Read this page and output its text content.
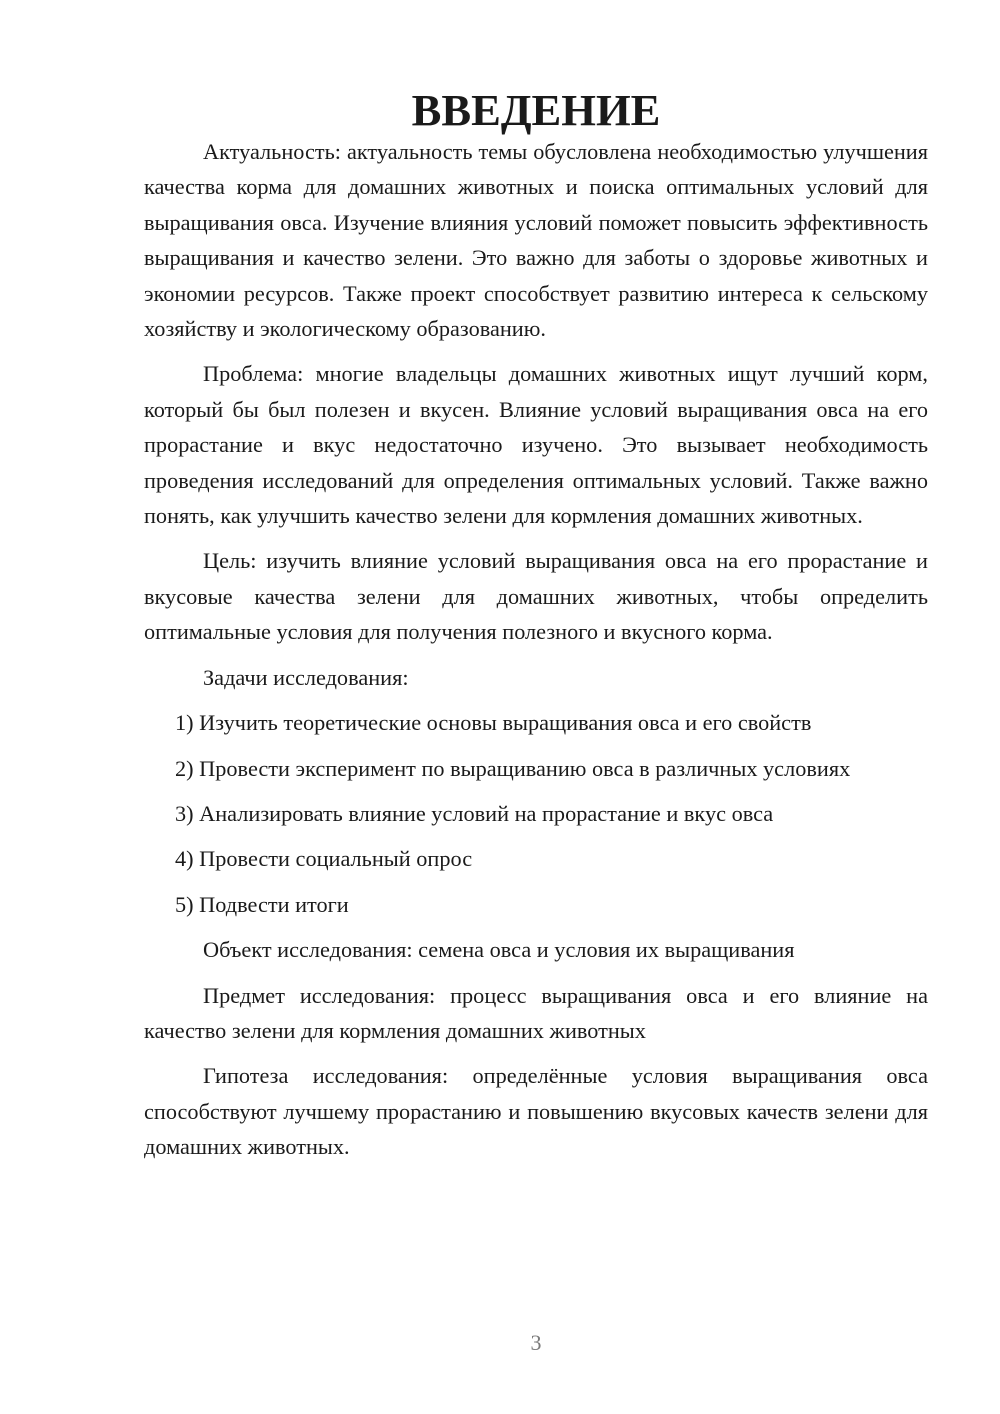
ВВЕДЕНИЕ

Актуальность: актуальность темы обусловлена необходимостью улучшения качества корма для домашних животных и поиска оптимальных условий для выращивания овса. Изучение влияния условий поможет повысить эффективность выращивания и качество зелени. Это важно для заботы о здоровье животных и экономии ресурсов. Также проект способствует развитию интереса к сельскому хозяйству и экологическому образованию.

Проблема: многие владельцы домашних животных ищут лучший корм, который бы был полезен и вкусен. Влияние условий выращивания овса на его прорастание и вкус недостаточно изучено. Это вызывает необходимость проведения исследований для определения оптимальных условий. Также важно понять, как улучшить качество зелени для кормления домашних животных.

Цель: изучить влияние условий выращивания овса на его прорастание и вкусовые качества зелени для домашних животных, чтобы определить оптимальные условия для получения полезного и вкусного корма.

Задачи исследования:

1) Изучить теоретические основы выращивания овса и его свойств

2) Провести эксперимент по выращиванию овса в различных условиях

3) Анализировать влияние условий на прорастание и вкус овса

4) Провести социальный опрос

5) Подвести итоги

Объект исследования: семена овса и условия их выращивания

Предмет исследования: процесс выращивания овса и его влияние на качество зелени для кормления домашних животных

Гипотеза исследования: определённые условия выращивания овса способствуют лучшему прорастанию и повышению вкусовых качеств зелени для домашних животных.

3
